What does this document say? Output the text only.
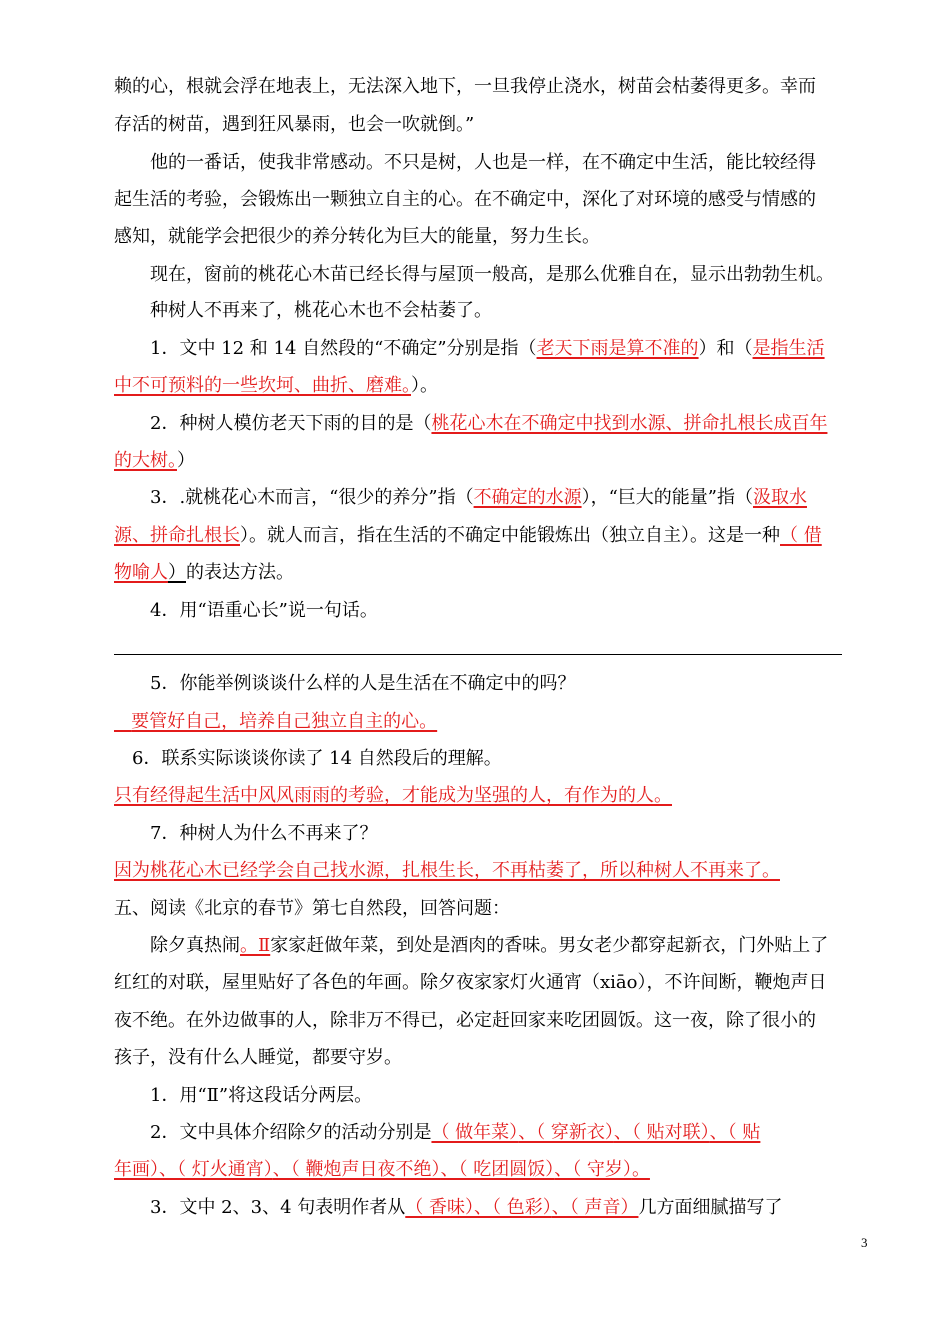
赖的心，根就会浮在地表上，无法深入地下，一旦我停止浇水，树苗会枯萎得更多。幸而
存活的树苗，遇到狂风暴雨，也会一吹就倒。”
他的一番话，使我非常感动。不只是树，人也是一样，在不确定中生活，能比较经得
起生活的考验，会锻炼出一颗独立自主的心。在不确定中，深化了对环境的感受与情感的
感知，就能学会把很少的养分转化为巨大的能量，努力生长。
现在，窗前的桃花心木苗已经长得与屋顶一般高，是那么优雅自在，显示出勃勃生机。
种树人不再来了，桃花心木也不会枯萎了。
1．文中 12 和 14 自然段的“不确定”分别是指（老天下雨是算不准的）和（是指生活
中不可预料的一些坎坷、曲折、磨难。）。
2．种树人模仿老天下雨的目的是（桃花心木在不确定中找到水源、拼命扎根长成百年
的大树。）
3．.就桃花心木而言，“很少的养分”指（不确定的水源），“巨大的能量”指（汲取水
源、拼命扎根长）。就人而言，指在生活的不确定中能锻炼出（独立自主）。这是一种（ 借
物喻人）的表达方法。
4．用“语重心长”说一句话。
5．你能举例谈谈什么样的人是生活在不确定中的吗？
要管好自己，培养自己独立自主的心。
6．联系实际谈谈你读了 14 自然段后的理解。
只有经得起生活中风风雨雨的考验，才能成为坚强的人，有作为的人。
7．种树人为什么不再来了？
因为桃花心木已经学会自己找水源，扎根生长，不再枯萎了，所以种树人不再来了。
五、阅读《北京的春节》第七自然段，回答问题：
除夕真热闹。Ⅱ家家赶做年菜，到处是酒肉的香味。男女老少都穿起新衣，门外贴上了
红红的对联，屋里贴好了各色的年画。除夕夜家家灯火通宵（xiāo），不许间断，鞭炮声日
夜不绝。在外边做事的人，除非万不得已，必定赶回家来吃团圆饭。这一夜，除了很小的
孩子，没有什么人睡觉，都要守岁。
1．用“Ⅱ”将这段话分两层。
2．文中具体介绍除夕的活动分别是（ 做年菜）、（ 穿新衣）、（ 贴对联）、（ 贴
年画）、（ 灯火通宵）、（ 鞭炮声日夜不绝）、（ 吃团圆饭）、（ 守岁）。
3．文中 2、3、4 句表明作者从（ 香味）、（ 色彩）、（ 声音）几方面细腻描写了
3
